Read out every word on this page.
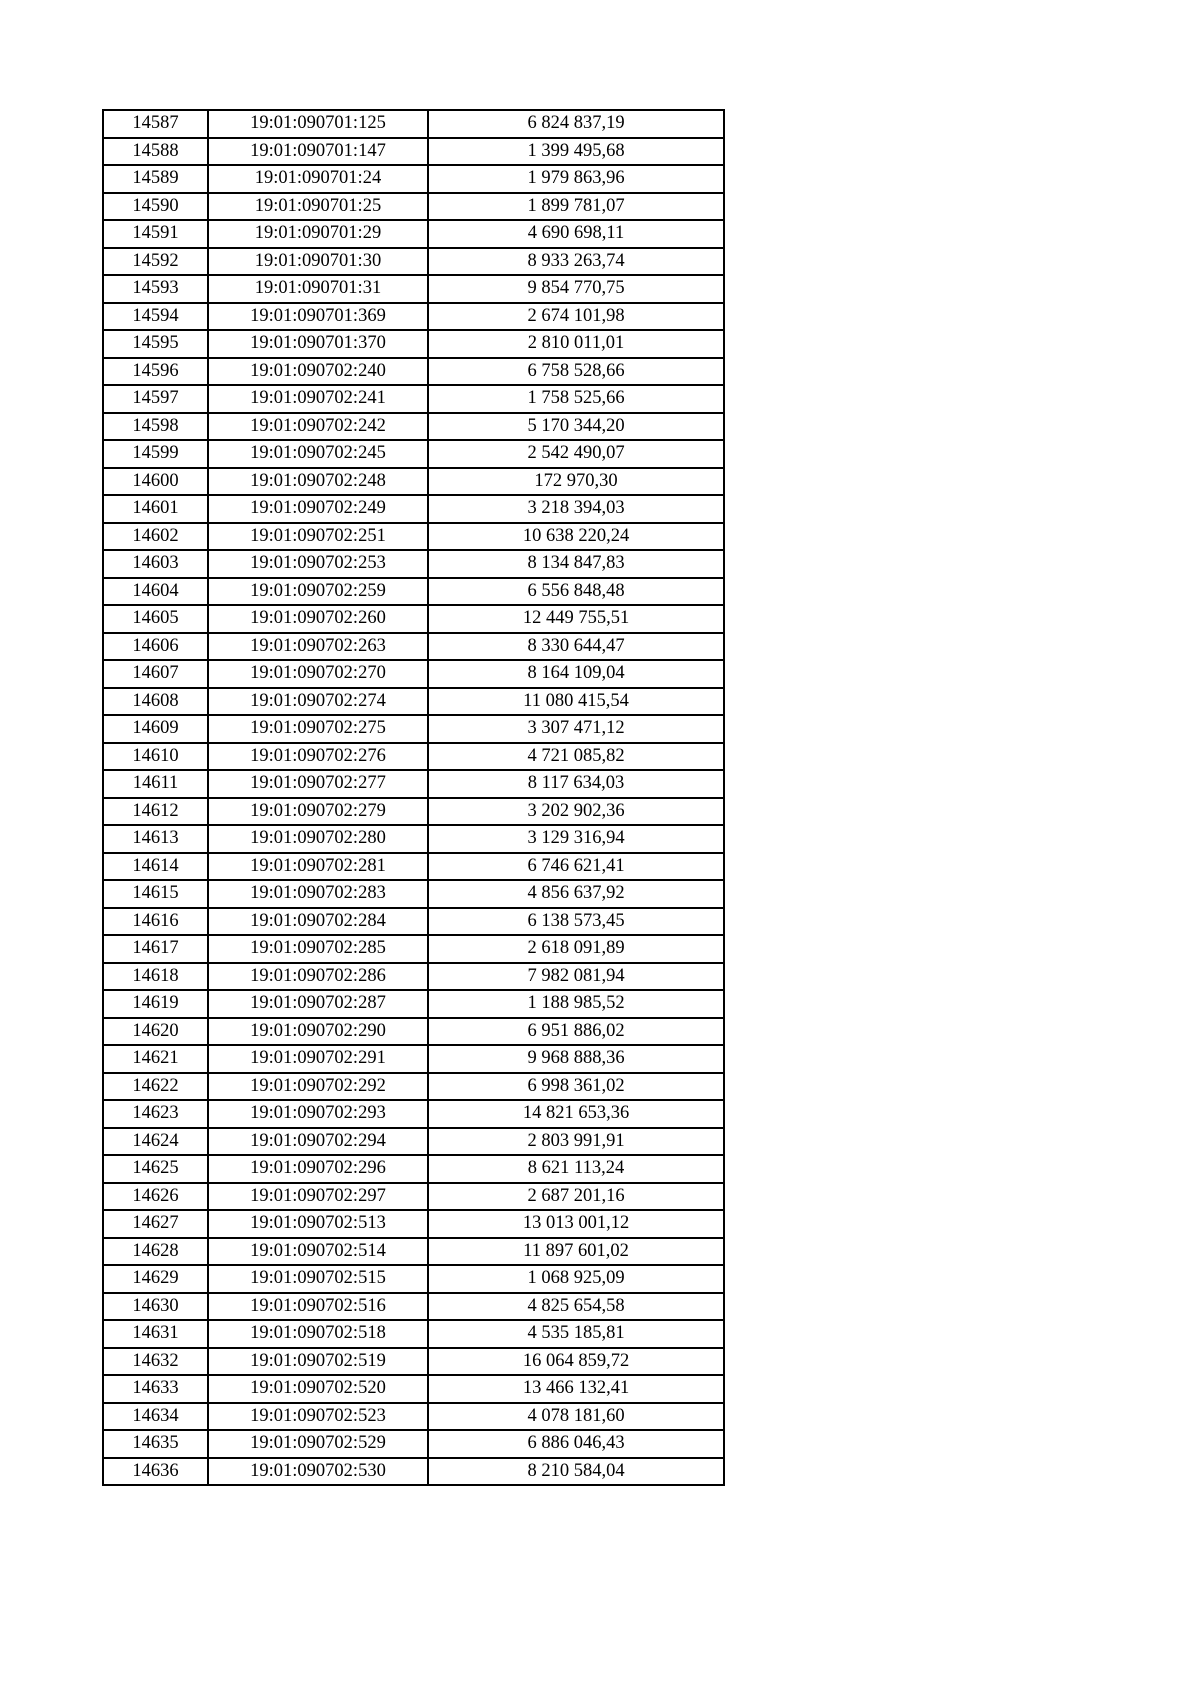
14587	19:01:090701:125	6 824 837,19
14588	19:01:090701:147	1 399 495,68
14589	19:01:090701:24	1 979 863,96
14590	19:01:090701:25	1 899 781,07
14591	19:01:090701:29	4 690 698,11
14592	19:01:090701:30	8 933 263,74
14593	19:01:090701:31	9 854 770,75
14594	19:01:090701:369	2 674 101,98
14595	19:01:090701:370	2 810 011,01
14596	19:01:090702:240	6 758 528,66
14597	19:01:090702:241	1 758 525,66
14598	19:01:090702:242	5 170 344,20
14599	19:01:090702:245	2 542 490,07
14600	19:01:090702:248	172 970,30
14601	19:01:090702:249	3 218 394,03
14602	19:01:090702:251	10 638 220,24
14603	19:01:090702:253	8 134 847,83
14604	19:01:090702:259	6 556 848,48
14605	19:01:090702:260	12 449 755,51
14606	19:01:090702:263	8 330 644,47
14607	19:01:090702:270	8 164 109,04
14608	19:01:090702:274	11 080 415,54
14609	19:01:090702:275	3 307 471,12
14610	19:01:090702:276	4 721 085,82
14611	19:01:090702:277	8 117 634,03
14612	19:01:090702:279	3 202 902,36
14613	19:01:090702:280	3 129 316,94
14614	19:01:090702:281	6 746 621,41
14615	19:01:090702:283	4 856 637,92
14616	19:01:090702:284	6 138 573,45
14617	19:01:090702:285	2 618 091,89
14618	19:01:090702:286	7 982 081,94
14619	19:01:090702:287	1 188 985,52
14620	19:01:090702:290	6 951 886,02
14621	19:01:090702:291	9 968 888,36
14622	19:01:090702:292	6 998 361,02
14623	19:01:090702:293	14 821 653,36
14624	19:01:090702:294	2 803 991,91
14625	19:01:090702:296	8 621 113,24
14626	19:01:090702:297	2 687 201,16
14627	19:01:090702:513	13 013 001,12
14628	19:01:090702:514	11 897 601,02
14629	19:01:090702:515	1 068 925,09
14630	19:01:090702:516	4 825 654,58
14631	19:01:090702:518	4 535 185,81
14632	19:01:090702:519	16 064 859,72
14633	19:01:090702:520	13 466 132,41
14634	19:01:090702:523	4 078 181,60
14635	19:01:090702:529	6 886 046,43
14636	19:01:090702:530	8 210 584,04
